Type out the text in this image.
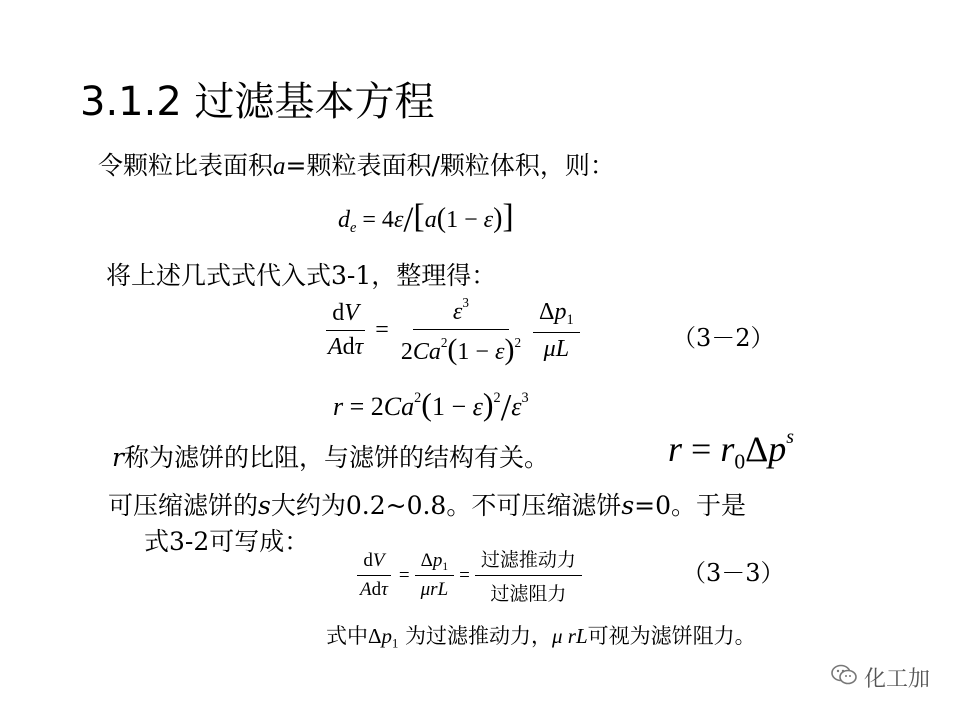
3.1.2 过滤基本方程
令颗粒比表面积a=颗粒表面积/颗粒体积，则：
$d_e = 4\varepsilon/[a(1 - \varepsilon)]$
将上述几式式代入式3-1，整理得：
$\frac{dV}{\text{Adτ}} = \frac{\varepsilon^3}{2Ca^2(1 - \varepsilon)^2} \frac{\Delta p_1}{\mu L}$	（3－2）
$r = 2Ca^2(1 - \varepsilon)^2/\varepsilon^3$
r称为滤饼的比阻，与滤饼的结构有关。	$r = r_0\Delta p^s$
可压缩滤饼的s大约为0.2~0.8。不可压缩滤饼s=0。于是
式3-2可写成：
$\frac{dV}{\text{Adτ}} = \frac{\Delta p_1}{\text{μrL}} = \frac{\text{过滤推动力}}{\text{过滤阻力}}$	（3－3）
式中$\Delta p_1$ 为过滤推动力，μ rL可视为滤饼阻力。
化工加
